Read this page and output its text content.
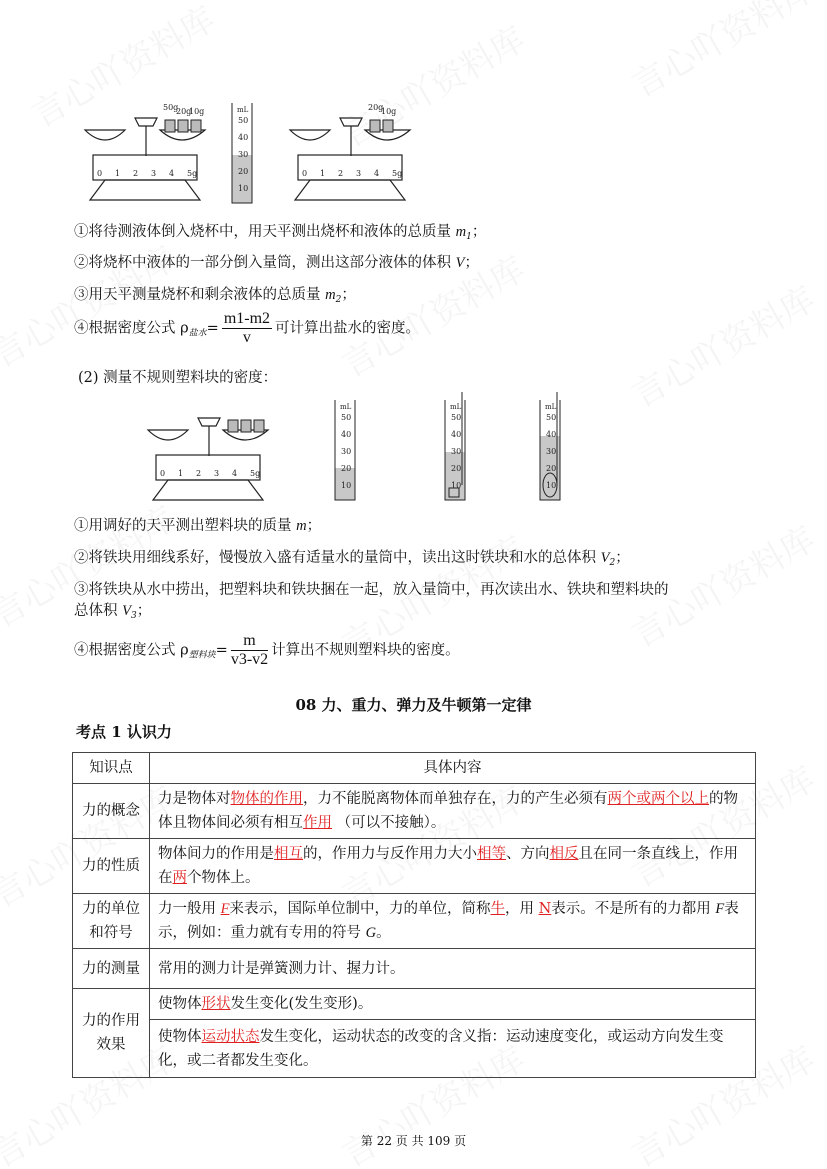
0 1 2 3 4 5g
50g
20g
10g	mL
50
40
30
20
10
0 1 2 3 4 5g
20g
10g
①将待测液体倒入烧杯中，用天平测出烧杯和液体的总质量 $m_1$；
②将烧杯中液体的一部分倒入量筒，测出这部分液体的体积 V；
③用天平测量烧杯和剩余液体的总质量 $m_2$；
④根据密度公式 $\rho_{盐水}= \frac{m1-m2}{v}$ 可计算出盐水的密度。
(2) 测量不规则塑料块的密度：
0 1 2 3 4 5g
mL
50
40
30
20
10
mL
50
40
30
20
10
mL
50
40
30
20
10
①用调好的天平测出塑料块的质量 m；
②将铁块用细线系好，慢慢放入盛有适量水的量筒中，读出这时铁块和水的总体积 $V_2$；
③将铁块从水中捞出，把塑料块和铁块捆在一起，放入量筒中，再次读出水、铁块和塑料块的
总体积 $V_3$；
④根据密度公式 $\rho_{塑料块}= \frac{m}{v3-v2}$ 计算出不规则塑料块的密度。
08 力、重力、弹力及牛顿第一定律
考点 1 认识力
知识点	具体内容
力的概念	力是物体对物体的作用，力不能脱离物体而单独存在，力的产生必须有两个或两个以上的物体且物体间必须有相互作用 （可以不接触）。
力的性质	物体间力的作用是相互的，作用力与反作用力大小相等、方向相反且在同一条直线上，作用在两个物体上。
力的单位和符号	力一般用 F来表示，国际单位制中，力的单位，简称牛，用 N表示。不是所有的力都用 F表示，例如：重力就有专用的符号 G。
力的测量	常用的测力计是弹簧测力计、握力计。
力的作用效果	使物体形状发生变化(发生变形)。
	使物体运动状态发生变化，运动状态的改变的含义指：运动速度变化，或运动方向发生变化，或二者都发生变化。
第 22 页 共 109 页
